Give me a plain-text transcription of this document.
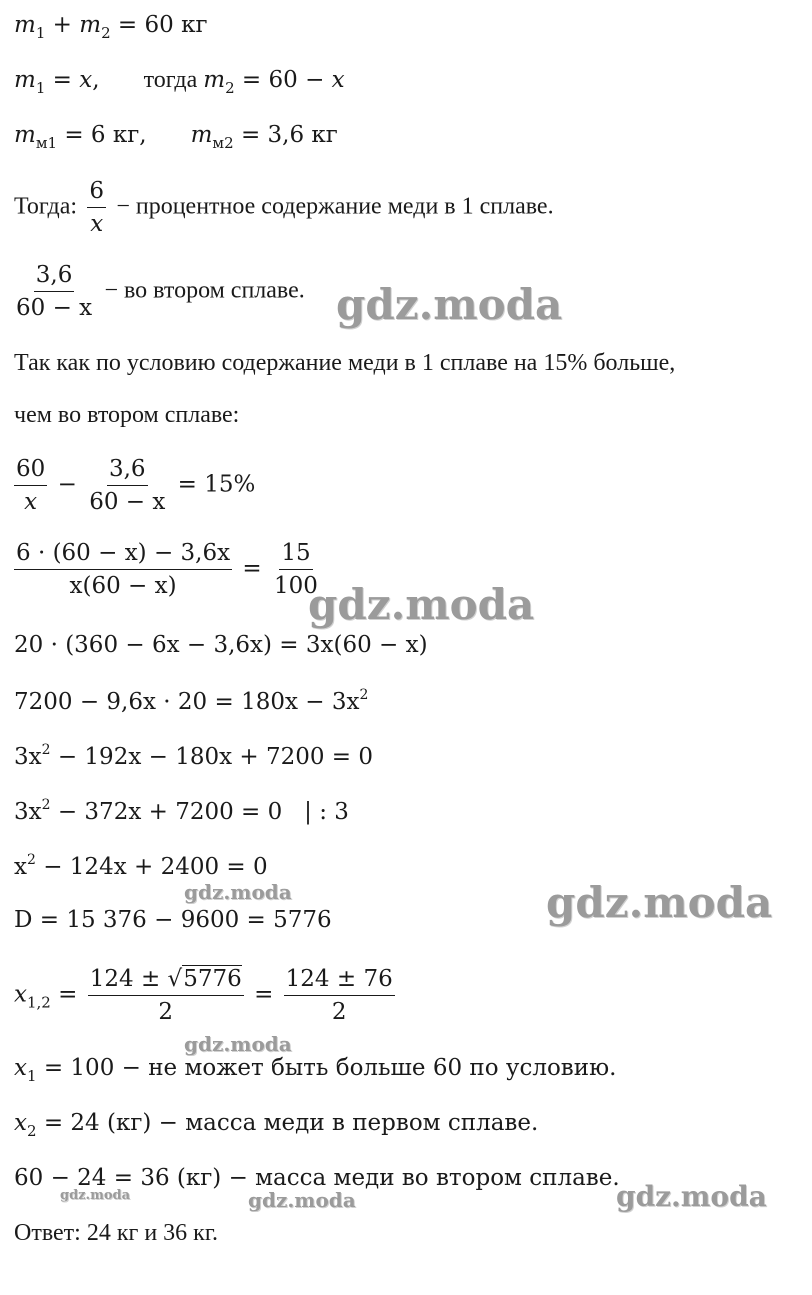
$m_1 + m_2 = 60$ кг
$m_1 = x$, тогда $m_2 = 60 - x$
$m_{м1} = 6$ кг, $m_{м2} = 3,6$ кг
Тогда: $\frac{6}{x}$ − процентное содержание меди в 1 сплаве.
$\frac{3,6}{60 - x}$ − во втором сплаве.
Так как по условию содержание меди в 1 сплаве на 15% больше,
чем во втором сплаве:
$\frac{60}{x} - \frac{3,6}{60 - x} = 15\%$
$\frac{6 \cdot (60 - x) - 3,6x}{x(60 - x)} = \frac{15}{100}$
20 · (360 − 6x − 3,6x) = 3x(60 − x)
$7200 - 9,6x \cdot 20 = 180x - 3x^2$
$3x^2 - 192x - 180x + 7200 = 0$
$3x^2 - 372x + 7200 = 0$   | : 3
$x^2 - 124x + 2400 = 0$
D = 15 376 − 9600 = 5776
$x_{1,2} = \frac{124 \pm √5776}{2} = \frac{124 \pm 76}{2}$
$x_1 = 100$ − не может быть больше 60 по условию.
$x_2 = 24$ (кг) − масса меди в первом сплаве.
60 − 24 = 36 (кг) − масса меди во втором сплаве.
Ответ: 24 кг и 36 кг.
gdz.moda
gdz.moda
gdz.moda
gdz.moda
gdz.moda
gdz.moda
gdz.moda	gdz.moda
